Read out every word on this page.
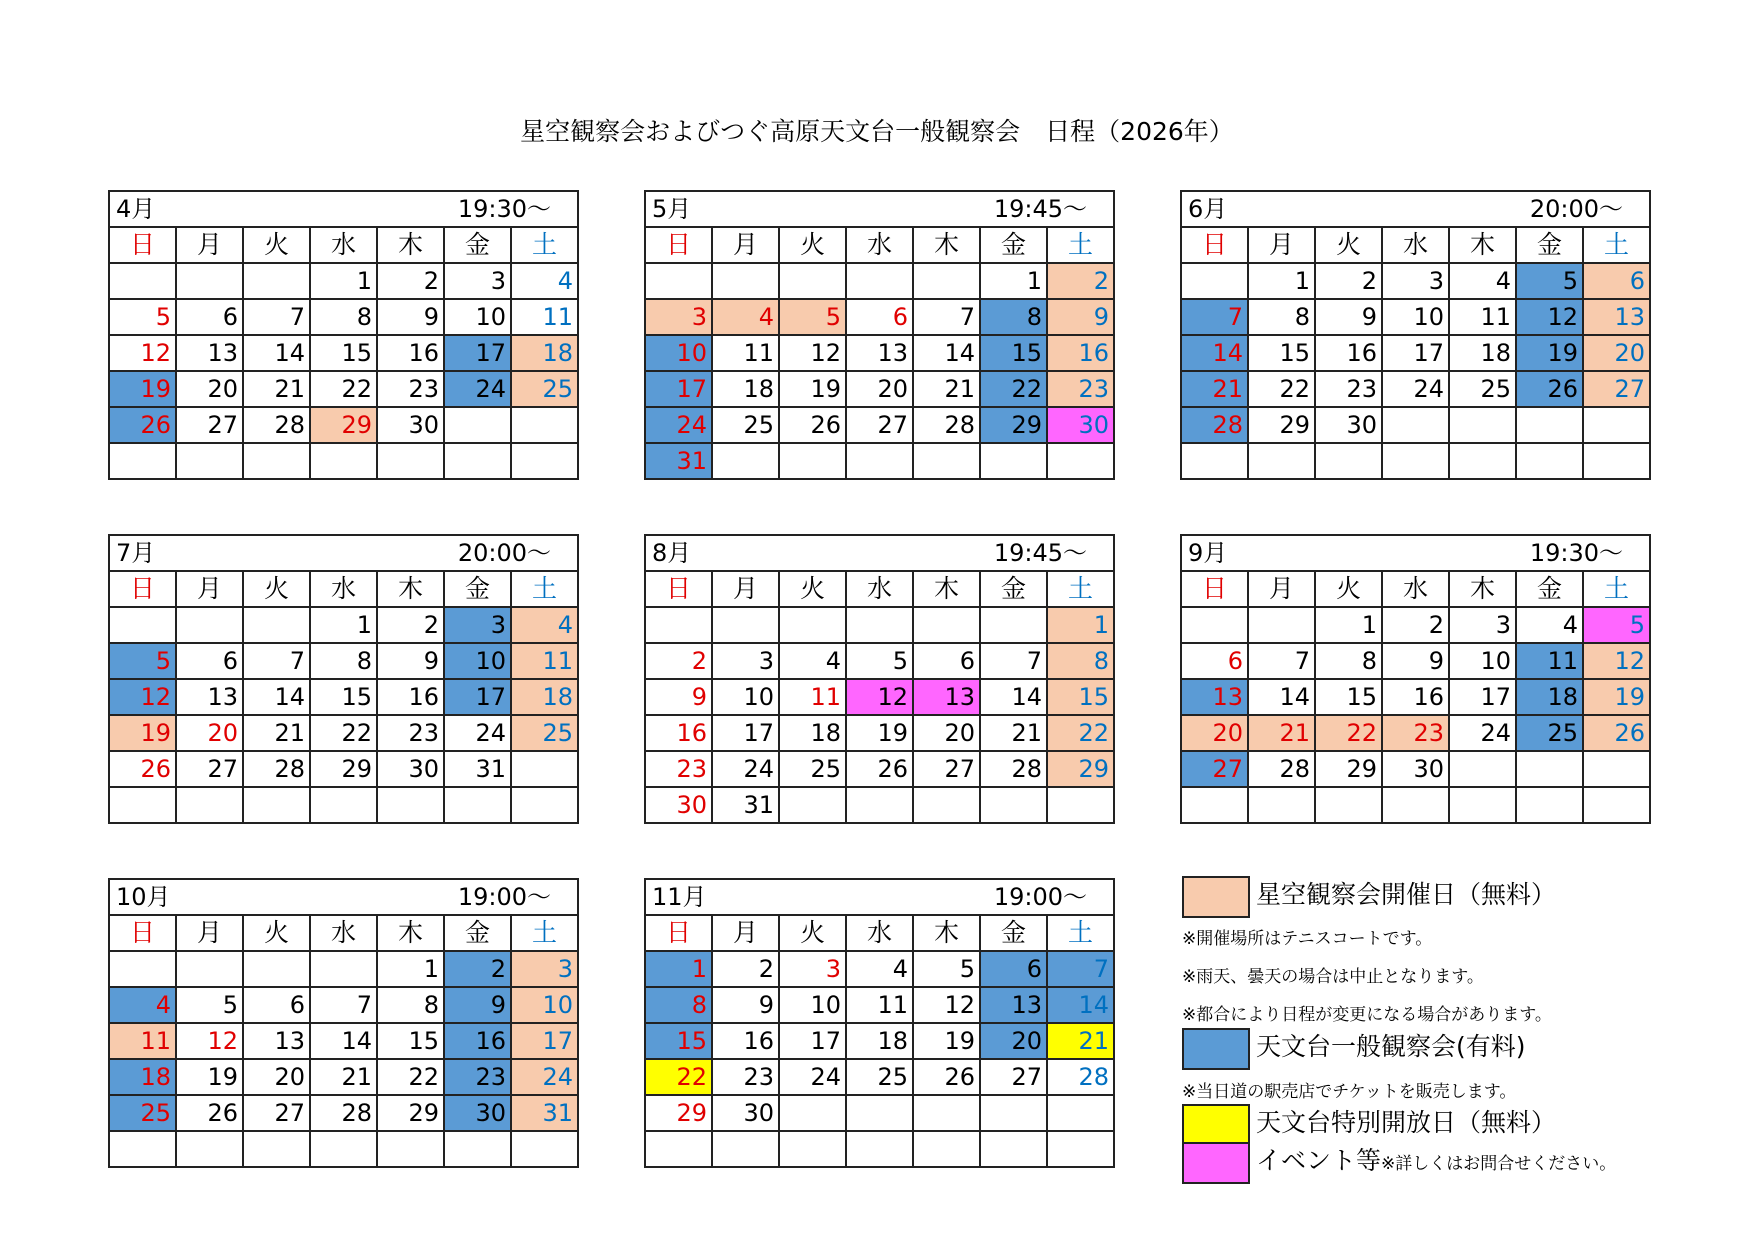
星空観察会およびつぐ高原天文台一般観察会　日程（2026年）
4月 19:30～						

日	月	火	水	木	金	土
			1	2	3	4
5	6	7	8	9	10	11
12	13	14	15	16	17	18
19	20	21	22	23	24	25
26	27	28	29	30		

5月 19:45～						

日	月	火	水	木	金	土
					1	2
3	4	5	6	7	8	9
10	11	12	13	14	15	16
17	18	19	20	21	22	23
24	25	26	27	28	29	30
31						
6月 20:00～						

日	月	火	水	木	金	土
	1	2	3	4	5	6
7	8	9	10	11	12	13
14	15	16	17	18	19	20
21	22	23	24	25	26	27
28	29	30				

7月 20:00～						

日	月	火	水	木	金	土
			1	2	3	4
5	6	7	8	9	10	11
12	13	14	15	16	17	18
19	20	21	22	23	24	25
26	27	28	29	30	31	

8月 19:45～						

日	月	火	水	木	金	土
						1
2	3	4	5	6	7	8
9	10	11	12	13	14	15
16	17	18	19	20	21	22
23	24	25	26	27	28	29
30	31					
9月 19:30～						

日	月	火	水	木	金	土
		1	2	3	4	5
6	7	8	9	10	11	12
13	14	15	16	17	18	19
20	21	22	23	24	25	26
27	28	29	30			

10月 19:00～						

日	月	火	水	木	金	土
				1	2	3
4	5	6	7	8	9	10
11	12	13	14	15	16	17
18	19	20	21	22	23	24
25	26	27	28	29	30	31

11月 19:00～						

日	月	火	水	木	金	土
1	2	3	4	5	6	7
8	9	10	11	12	13	14
15	16	17	18	19	20	21
22	23	24	25	26	27	28
29	30					

星空観察会開催日（無料）
※開催場所はテニスコートです。
※雨天、曇天の場合は中止となります。
※都合により日程が変更になる場合があります。
天文台一般観察会(有料)
※当日道の駅売店でチケットを販売します。
天文台特別開放日（無料）
イベント等※詳しくはお問合せください。
